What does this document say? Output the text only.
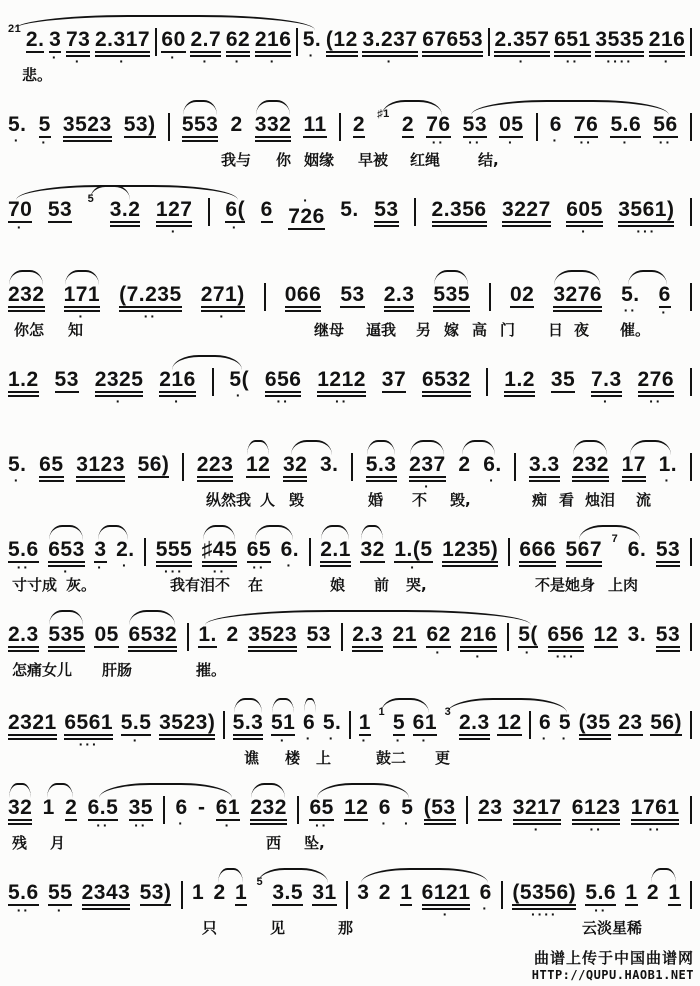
21
2.
3
·
73
·
2.317
·
60
·
2.7
·
62
·
216
·
5.
·
(12
3.237
·
67653
2.357
·
651
··
3535
····
216
·
悲。
5.
·
5
·
3523
53)
553
2
332
11
2
♯1
2
76
··
53
··
05
·
6
·
76
··
5.6
·
56
··
我与 你 姻缘 早被 红绳	结,
70
·
53
5
3.2
127
·
6(
·
6
·
726
5.
53
2.356
3227
605
·
3561)
···
232
171
·
(7.235
··
271)
·
066
53
2.3
535
02
3276
5.
··
6
·
你怎 知	继母 逼我 另 嫁 高 门 日 夜 催。
1.2
53
2325
·
216
·
5(
·
656
··
1212
··
37
6532
1.2
35
7.3
·
276
··
5.
·
65
3123
56)
223
12
32
3.
5.3
237
·
2
6.
·
3.3
232
17
1.
·
纵然我 人 毁	婚 不 毁,	痴 看 烛泪 流
5.6
··
653
·
3
·
2.
·
555
···
♯45
··
65
··
6.
·
2.1
32
1.(5
·
1235)
666
567
7
6.
53

寸寸成 灰。	我有泪不 在	娘 前 哭,	不是她身 上肉
2.3
535
05
6532
1.
2
3523
53
2.3
21
62
·
216
·
5(
·
656
···
12
3.
53

怎痛女儿 肝肠	摧。
2321
6561
···
5.5
·
3523)
5.3
51
·
6
·
5.
·
1
·
1
5
·
61
·
3
2.3
12
6
·
5
·
(35
23
56)

谯 楼 上	鼓二 更
32
1
2
6.5
··
35
··
6
·
-
61
·
232
65
··
12
6
·
5
·
(53
23
3217
·
6123
··
1761
··
残 月	西 坠,
5.6
··
55
·
2343
53)
1
2
1
5
3.5
31
3
2
1
6121
·
6
·
(5356)
····
5.6
··
1
2
1

只	见	那	云淡星稀
曲谱上传于中国曲谱网
HTTP://QUPU.HAOB1.NET
